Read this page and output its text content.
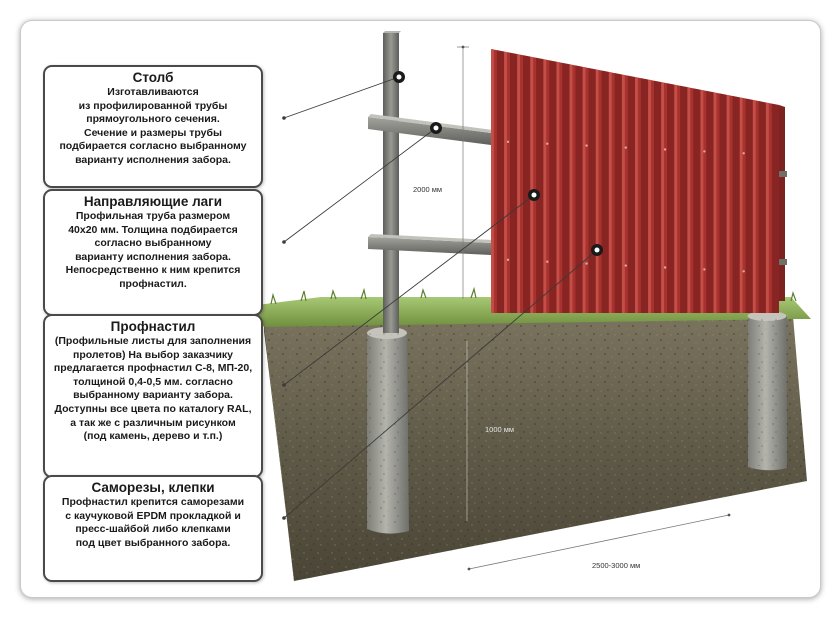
2000 мм
1000 мм
2500-3000 мм
Столб
Изготавливаются
из профилированной трубы
прямоугольного сечения.
Сечение и размеры трубы
подбирается согласно выбранному
варианту исполнения забора.
Направляющие лаги
Профильная труба размером
40х20 мм. Толщина подбирается
согласно выбранному
варианту исполнения забора.
Непосредственно к ним крепится
профнастил.
Профнастил
(Профильные листы для заполнения
пролетов) На выбор заказчику
предлагается профнастил С-8, МП-20,
толщиной 0,4-0,5 мм. согласно
выбранному варианту забора.
Доступны все цвета по каталогу RAL,
а так же с различным рисунком
(под камень, дерево и т.п.)
Саморезы, клепки
Профнастил крепится саморезами
с каучуковой EPDM прокладкой и
пресс-шайбой либо клепками
под цвет выбранного забора.
